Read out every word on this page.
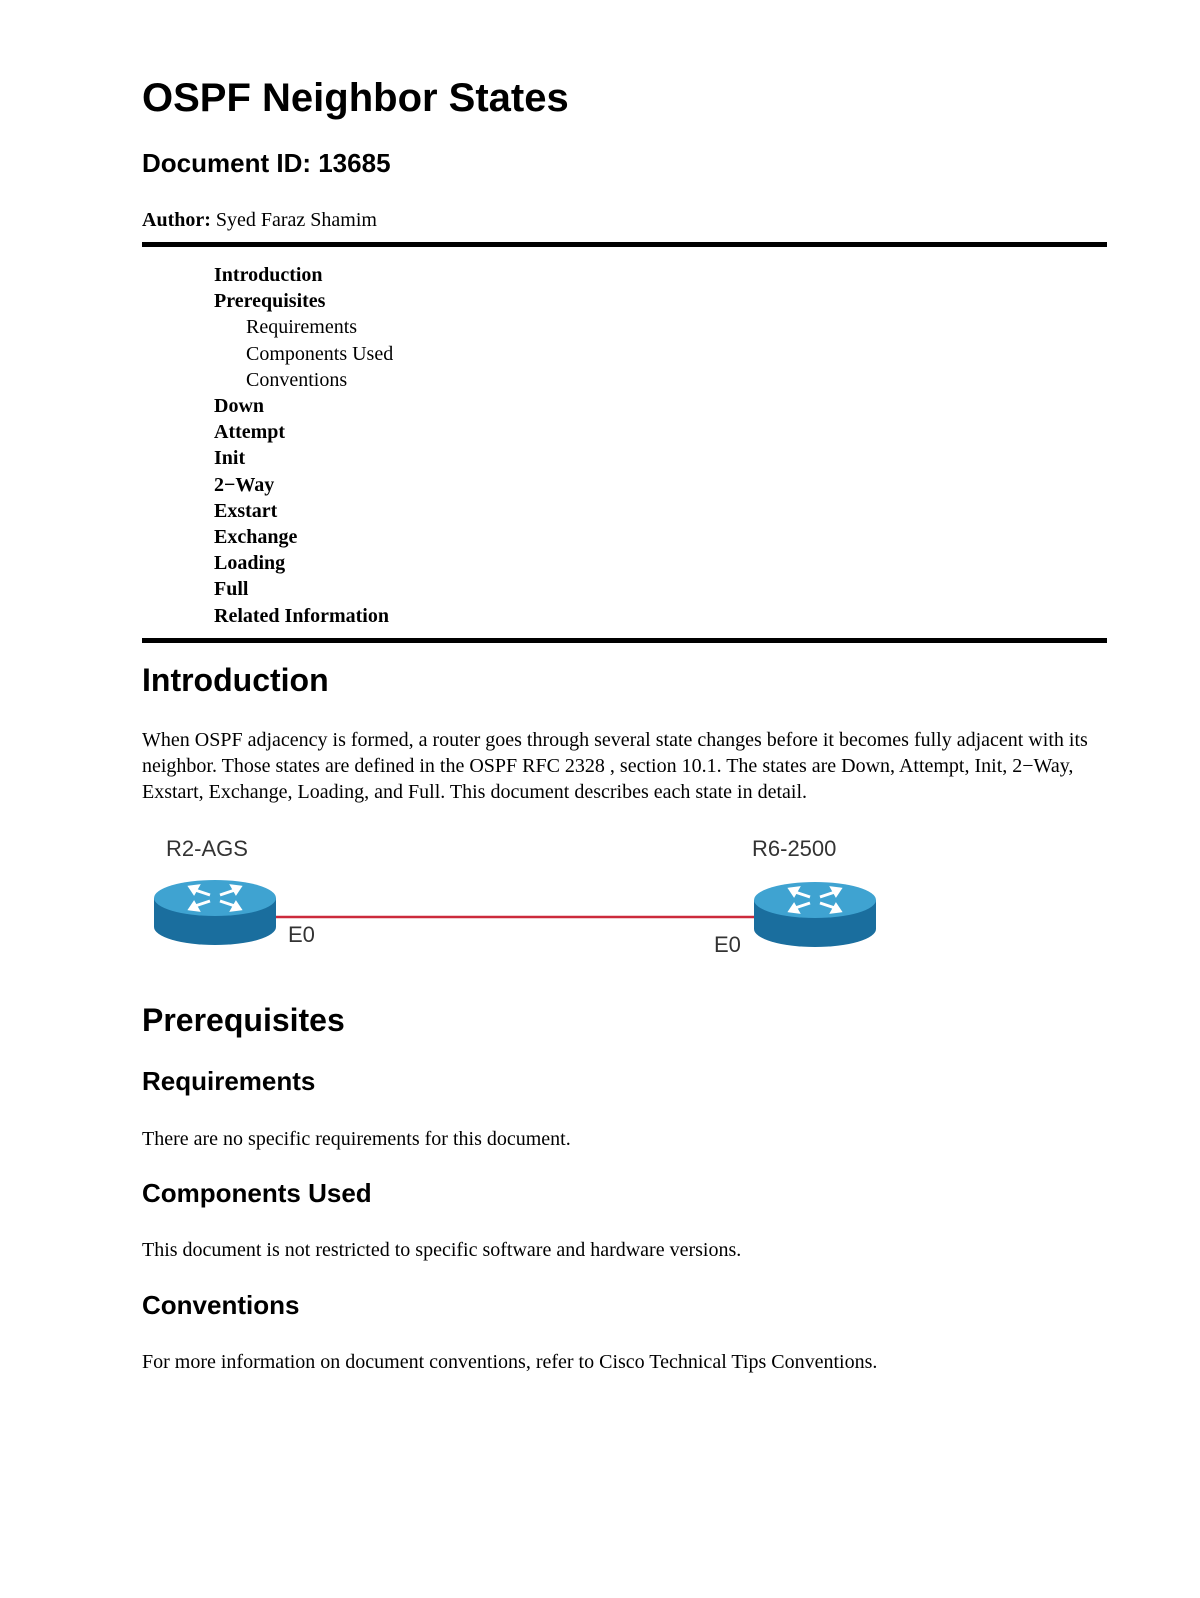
OSPF Neighbor States
Document ID: 13685
Author: Syed Faraz Shamim
Introduction
Prerequisites
Requirements
Components Used
Conventions
Down
Attempt
Init
2−Way
Exstart
Exchange
Loading
Full
Related Information
Introduction

When OSPF adjacency is formed, a router goes through several state changes before it becomes fully adjacent with its neighbor. Those states are defined in the OSPF RFC 2328 , section 10.1. The states are Down, Attempt, Init, 2−Way, Exstart, Exchange, Loading, and Full. This document describes each state in detail.

R2-AGS	R6-2500
E0	E0
Prerequisites
Requirements

There are no specific requirements for this document.

Components Used

This document is not restricted to specific software and hardware versions.

Conventions

For more information on document conventions, refer to Cisco Technical Tips Conventions.
